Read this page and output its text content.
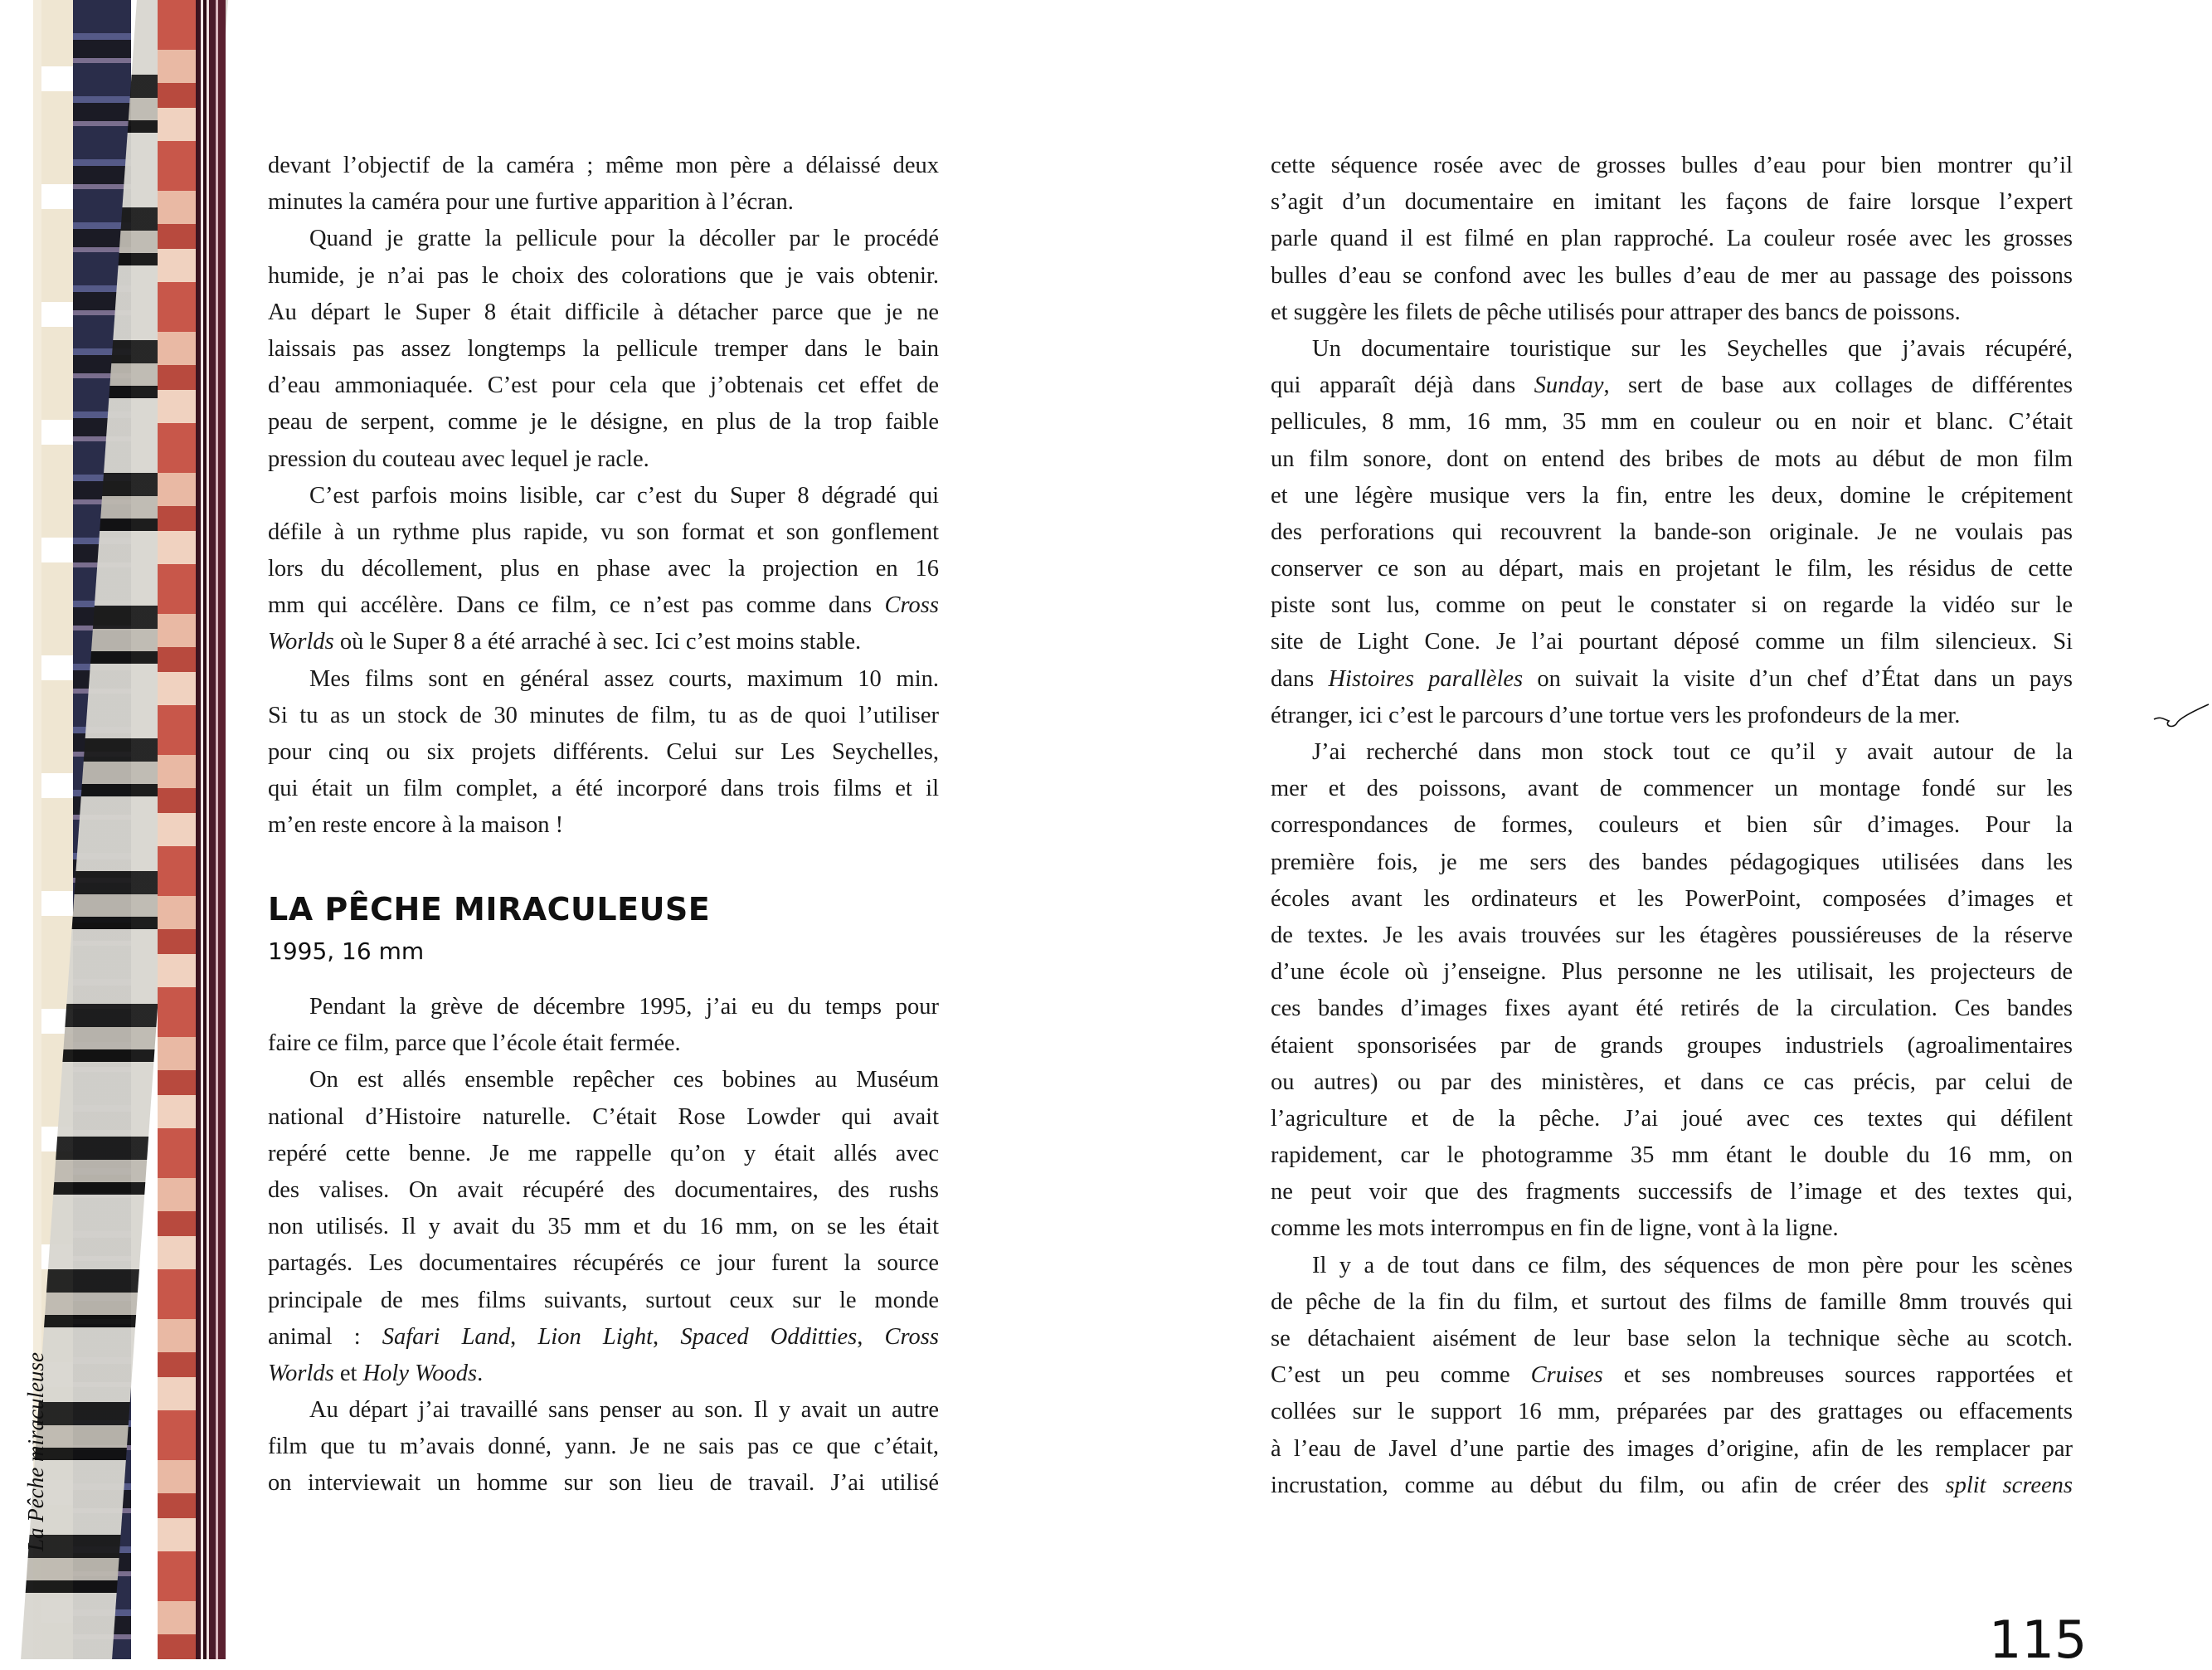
La Pêche miraculeuse
devant l’objectif de la caméra ; même mon père a délaissé deux
minutes la caméra pour une furtive apparition à l’écran.
Quand je gratte la pellicule pour la décoller par le procédé
humide, je n’ai pas le choix des colorations que je vais obtenir.
Au départ le Super 8 était difficile à détacher parce que je ne
laissais pas assez longtemps la pellicule tremper dans le bain
d’eau ammoniaquée. C’est pour cela que j’obtenais cet effet de
peau de serpent, comme je le désigne, en plus de la trop faible
pression du couteau avec lequel je racle.
C’est parfois moins lisible, car c’est du Super 8 dégradé qui
défile à un rythme plus rapide, vu son format et son gonflement
lors du décollement, plus en phase avec la projection en 16
mm qui accélère. Dans ce film, ce n’est pas comme dans Cross
Worlds où le Super 8 a été arraché à sec. Ici c’est moins stable.
Mes films sont en général assez courts, maximum 10 min.
Si tu as un stock de 30 minutes de film, tu as de quoi l’utiliser
pour cinq ou six projets différents. Celui sur Les Seychelles,
qui était un film complet, a été incorporé dans trois films et il
m’en reste encore à la maison !
LA PÊCHE MIRACULEUSE
1995, 16 mm
Pendant la grève de décembre 1995, j’ai eu du temps pour
faire ce film, parce que l’école était fermée.
On est allés ensemble repêcher ces bobines au Muséum
national d’Histoire naturelle. C’était Rose Lowder qui avait
repéré cette benne. Je me rappelle qu’on y était allés avec
des valises. On avait récupéré des documentaires, des rushs
non utilisés. Il y avait du 35 mm et du 16 mm, on se les était
partagés. Les documentaires récupérés ce jour furent la source
principale de mes films suivants, surtout ceux sur le monde
animal : Safari Land, Lion Light, Spaced Odditties, Cross
Worlds et Holy Woods.
Au départ j’ai travaillé sans penser au son. Il y avait un autre
film que tu m’avais donné, yann. Je ne sais pas ce que c’était,
on interviewait un homme sur son lieu de travail. J’ai utilisé
cette séquence rosée avec de grosses bulles d’eau pour bien montrer qu’il
s’agit d’un documentaire en imitant les façons de faire lorsque l’expert
parle quand il est filmé en plan rapproché. La couleur rosée avec les grosses
bulles d’eau se confond avec les bulles d’eau de mer au passage des poissons
et suggère les filets de pêche utilisés pour attraper des bancs de poissons.
Un documentaire touristique sur les Seychelles que j’avais récupéré,
qui apparaît déjà dans Sunday, sert de base aux collages de différentes
pellicules, 8 mm, 16 mm, 35 mm en couleur ou en noir et blanc. C’était
un film sonore, dont on entend des bribes de mots au début de mon film
et une légère musique vers la fin, entre les deux, domine le crépitement
des perforations qui recouvrent la bande-son originale. Je ne voulais pas
conserver ce son au départ, mais en projetant le film, les résidus de cette
piste sont lus, comme on peut le constater si on regarde la vidéo sur le
site de Light Cone. Je l’ai pourtant déposé comme un film silencieux. Si
dans Histoires parallèles on suivait la visite d’un chef d’État dans un pays
étranger, ici c’est le parcours d’une tortue vers les profondeurs de la mer.
J’ai recherché dans mon stock tout ce qu’il y avait autour de la
mer et des poissons, avant de commencer un montage fondé sur les
correspondances de formes, couleurs et bien sûr d’images. Pour la
première fois, je me sers des bandes pédagogiques utilisées dans les
écoles avant les ordinateurs et les PowerPoint, composées d’images et
de textes. Je les avais trouvées sur les étagères poussiéreuses de la réserve
d’une école où j’enseigne. Plus personne ne les utilisait, les projecteurs de
ces bandes d’images fixes ayant été retirés de la circulation. Ces bandes
étaient sponsorisées par de grands groupes industriels (agroalimentaires
ou autres) ou par des ministères, et dans ce cas précis, par celui de
l’agriculture et de la pêche. J’ai joué avec ces textes qui défilent
rapidement, car le photogramme 35 mm étant le double du 16 mm, on
ne peut voir que des fragments successifs de l’image et des textes qui,
comme les mots interrompus en fin de ligne, vont à la ligne.
Il y a de tout dans ce film, des séquences de mon père pour les scènes
de pêche de la fin du film, et surtout des films de famille 8mm trouvés qui
se détachaient aisément de leur base selon la technique sèche au scotch.
C’est un peu comme Cruises et ses nombreuses sources rapportées et
collées sur le support 16 mm, préparées par des grattages ou effacements
à l’eau de Javel d’une partie des images d’origine, afin de les remplacer par
incrustation, comme au début du film, ou afin de créer des split screens
115
